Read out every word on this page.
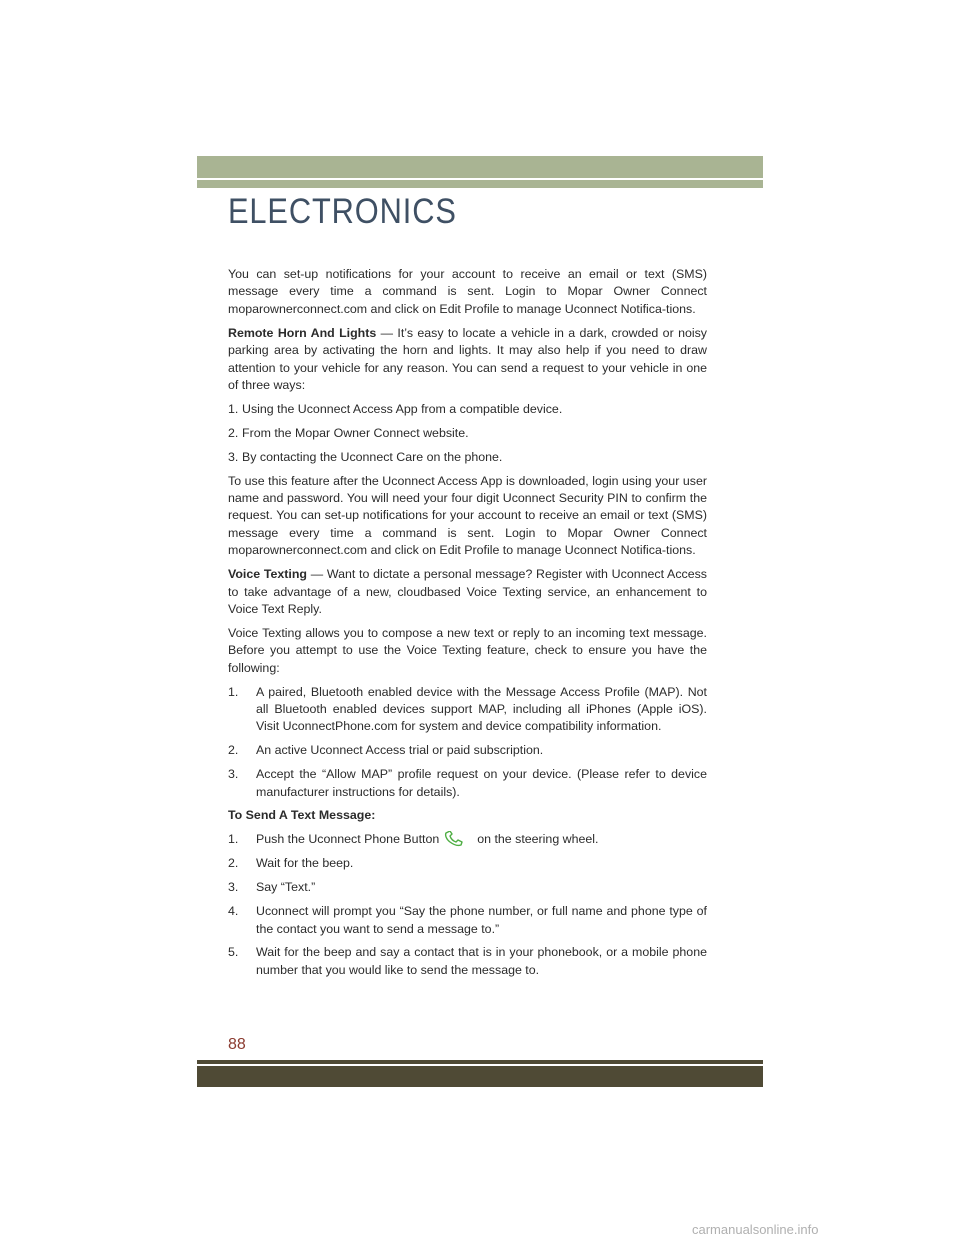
ELECTRONICS

You can set-up notifications for your account to receive an email or text (SMS) message every time a command is sent. Login to Mopar Owner Connect moparownerconnect.com and click on Edit Profile to manage Uconnect Notifica-tions.

Remote Horn And Lights — It’s easy to locate a vehicle in a dark, crowded or noisy parking area by activating the horn and lights. It may also help if you need to draw attention to your vehicle for any reason. You can send a request to your vehicle in one of three ways:

1. Using the Uconnect Access App from a compatible device.
2. From the Mopar Owner Connect website.
3. By contacting the Uconnect Care on the phone.

To use this feature after the Uconnect Access App is downloaded, login using your user name and password. You will need your four digit Uconnect Security PIN to confirm the request. You can set-up notifications for your account to receive an email or text (SMS) message every time a command is sent. Login to Mopar Owner Connect moparownerconnect.com and click on Edit Profile to manage Uconnect Notifica-tions.

Voice Texting — Want to dictate a personal message? Register with Uconnect Access to take advantage of a new, cloudbased Voice Texting service, an enhancement to Voice Text Reply.

Voice Texting allows you to compose a new text or reply to an incoming text message. Before you attempt to use the Voice Texting feature, check to ensure you have the following:

1. A paired, Bluetooth enabled device with the Message Access Profile (MAP). Not all Bluetooth enabled devices support MAP, including all iPhones (Apple iOS). Visit UconnectPhone.com for system and device compatibility information.
2. An active Uconnect Access trial or paid subscription.
3. Accept the “Allow MAP” profile request on your device. (Please refer to device manufacturer instructions for details).
To Send A Text Message:
1. Push the Uconnect Phone Button	on the steering wheel.
2. Wait for the beep.
3. Say “Text.”
4. Uconnect will prompt you “Say the phone number, or full name and phone type of the contact you want to send a message to.”
5. Wait for the beep and say a contact that is in your phonebook, or a mobile phone number that you would like to send the message to.
88
carmanualsonline.info
